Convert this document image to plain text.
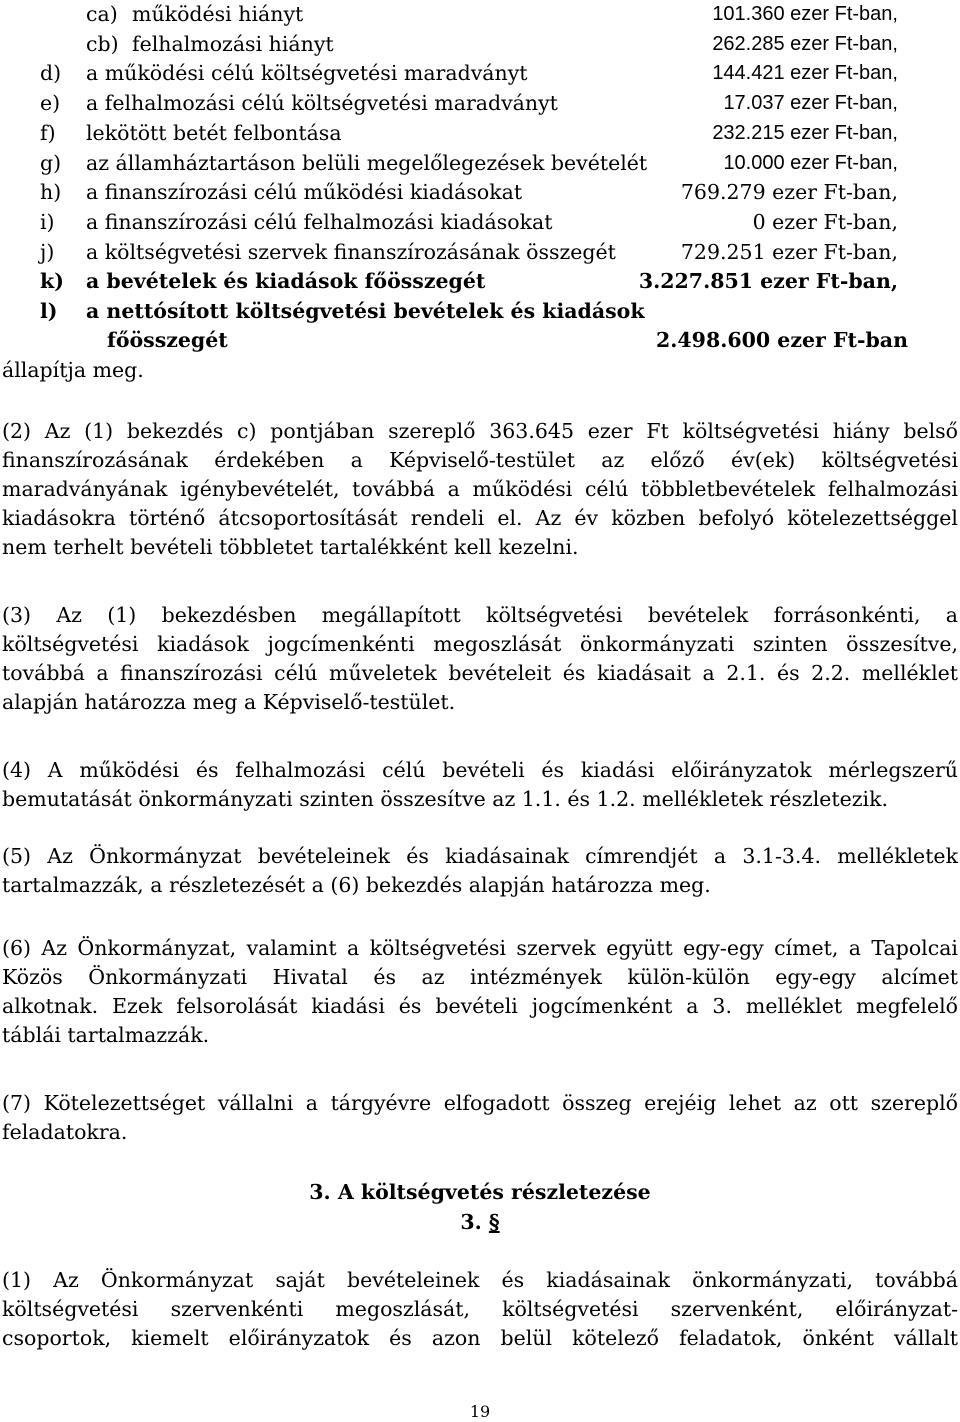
ca) működési hiányt	101.360 ezer Ft-ban,
cb) felhalmozási hiányt	262.285 ezer Ft-ban,
d) a működési célú költségvetési maradványt	144.421 ezer Ft-ban,
e) a felhalmozási célú költségvetési maradványt	17.037 ezer Ft-ban,
f) lekötött betét felbontása	232.215 ezer Ft-ban,
g) az államháztartáson belüli megelőlegezések bevételét	10.000 ezer Ft-ban,
h) a finanszírozási célú működési kiadásokat	769.279 ezer Ft-ban,
i) a finanszírozási célú felhalmozási kiadásokat	0 ezer Ft-ban,
j) a költségvetési szervek finanszírozásának összegét	729.251 ezer Ft-ban,
k) a bevételek és kiadások főösszegét	3.227.851 ezer Ft-ban,
l) a nettósított költségvetési bevételek és kiadások
főösszegét	2.498.600 ezer Ft-ban
állapítja meg.
(2) Az (1) bekezdés c) pontjában szereplő 363.645 ezer Ft költségvetési hiány belső
finanszírozásának érdekében a Képviselő-testület az előző év(ek) költségvetési
maradványának igénybevételét, továbbá a működési célú többletbevételek felhalmozási
kiadásokra történő átcsoportosítását rendeli el. Az év közben befolyó kötelezettséggel
nem terhelt bevételi többletet tartalékként kell kezelni.
(3) Az (1) bekezdésben megállapított költségvetési bevételek forrásonkénti, a
költségvetési kiadások jogcímenkénti megoszlását önkormányzati szinten összesítve,
továbbá a finanszírozási célú műveletek bevételeit és kiadásait a 2.1. és 2.2. melléklet
alapján határozza meg a Képviselő-testület.
(4) A működési és felhalmozási célú bevételi és kiadási előirányzatok mérlegszerű
bemutatását önkormányzati szinten összesítve az 1.1. és 1.2. mellékletek részletezik.
(5) Az Önkormányzat bevételeinek és kiadásainak címrendjét a 3.1-3.4. mellékletek
tartalmazzák, a részletezését a (6) bekezdés alapján határozza meg.
(6) Az Önkormányzat, valamint a költségvetési szervek együtt egy-egy címet, a Tapolcai
Közös Önkormányzati Hivatal és az intézmények külön-külön egy-egy alcímet
alkotnak. Ezek felsorolását kiadási és bevételi jogcímenként a 3. melléklet megfelelő
táblái tartalmazzák.
(7) Kötelezettséget vállalni a tárgyévre elfogadott összeg erejéig lehet az ott szereplő
feladatokra.
3. A költségvetés részletezése
3. §
(1) Az Önkormányzat saját bevételeinek és kiadásainak önkormányzati, továbbá
költségvetési szervenkénti megoszlását, költségvetési szervenként, előirányzat-
csoportok, kiemelt előirányzatok és azon belül kötelező feladatok, önként vállalt
19
